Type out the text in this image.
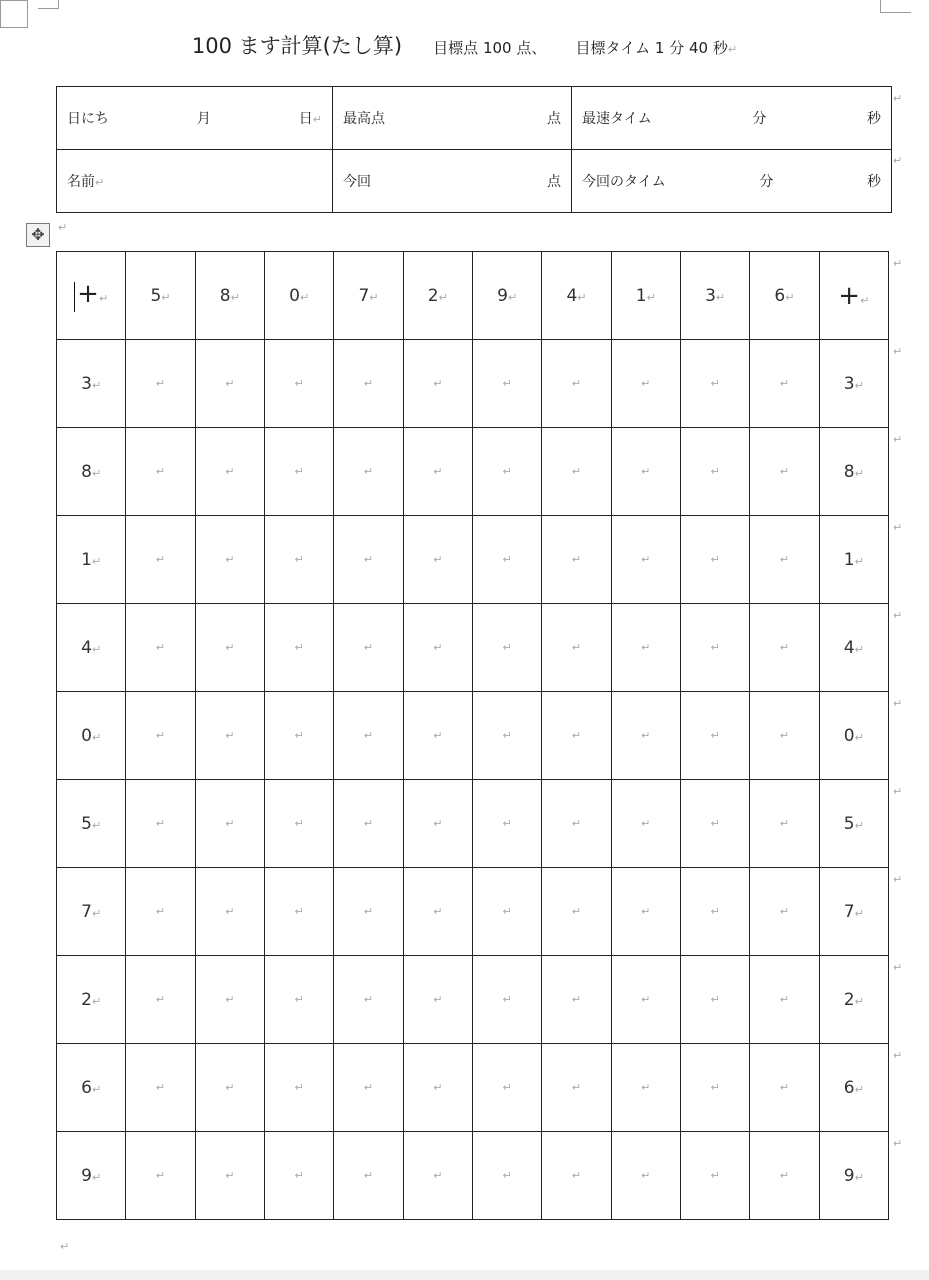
100 ます計算(たし算) 目標点 100 点、 目標タイム 1 分 40 秒↵
日にち 月 日↵	最高点 点	最速タイム 分 秒

名前↵	今回 点	今回のタイム 分 秒
✥	↵
+↵	5↵	8↵	0↵	7↵	2↵	9↵	4↵	1↵	3↵	6↵	+↵
3↵	↵	↵	↵	↵	↵	↵	↵	↵	↵	↵	3↵
8↵	↵	↵	↵	↵	↵	↵	↵	↵	↵	↵	8↵
1↵	↵	↵	↵	↵	↵	↵	↵	↵	↵	↵	1↵
4↵	↵	↵	↵	↵	↵	↵	↵	↵	↵	↵	4↵
0↵	↵	↵	↵	↵	↵	↵	↵	↵	↵	↵	0↵
5↵	↵	↵	↵	↵	↵	↵	↵	↵	↵	↵	5↵
7↵	↵	↵	↵	↵	↵	↵	↵	↵	↵	↵	7↵
2↵	↵	↵	↵	↵	↵	↵	↵	↵	↵	↵	2↵
6↵	↵	↵	↵	↵	↵	↵	↵	↵	↵	↵	6↵
9↵	↵	↵	↵	↵	↵	↵	↵	↵	↵	↵	9↵
↵
↵
↵
↵
↵
↵
↵
↵
↵
↵
↵
↵
↵
↵
